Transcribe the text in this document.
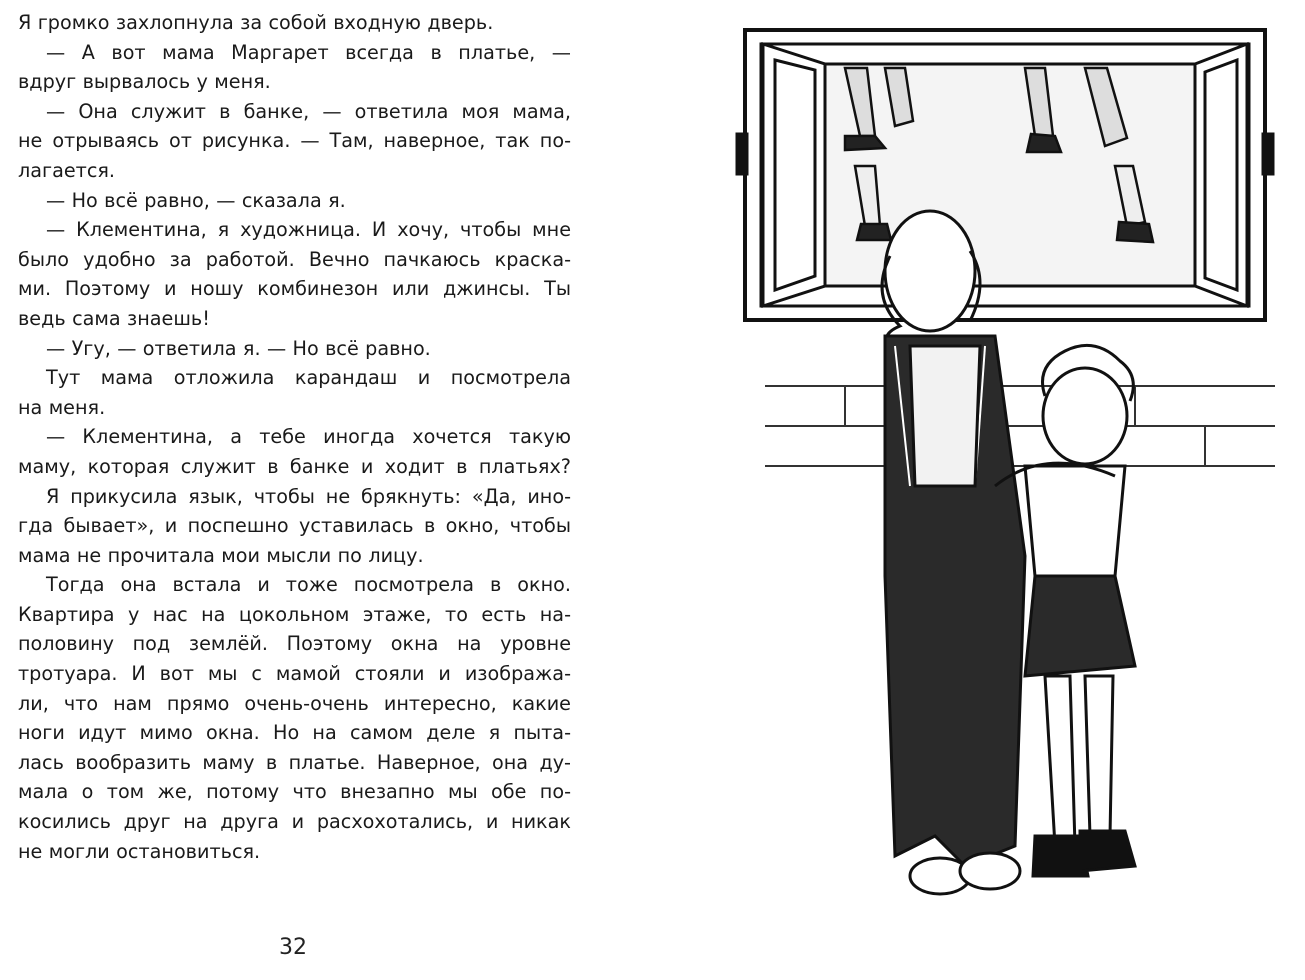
Я громко захлопнула за собой входную дверь.
— А вот мама Маргарет всегда в платье, —
вдруг вырвалось у меня.
— Она служит в банке, — ответила моя мама,
не отрываясь от рисунка. — Там, наверное, так по-
лагается.
— Но всё равно, — сказала я.
— Клементина, я художница. И хочу, чтобы мне
было удобно за работой. Вечно пачкаюсь краска-
ми. Поэтому и ношу комбинезон или джинсы. Ты
ведь сама знаешь!
— Угу, — ответила я. — Но всё равно.
Тут мама отложила карандаш и посмотрела
на меня.
— Клементина, а тебе иногда хочется такую
маму, которая служит в банке и ходит в платьях?
Я прикусила язык, чтобы не брякнуть: «Да, ино-
гда бывает», и поспешно уставилась в окно, чтобы
мама не прочитала мои мысли по лицу.
Тогда она встала и тоже посмотрела в окно.
Квартира у нас на цокольном этаже, то есть на-
половину под землёй. Поэтому окна на уровне
тротуара. И вот мы с мамой стояли и изобража-
ли, что нам прямо очень-очень интересно, какие
ноги идут мимо окна. Но на самом деле я пыта-
лась вообразить маму в платье. Наверное, она ду-
мала о том же, потому что внезапно мы обе по-
косились друг на друга и расхохотались, и никак
не могли остановиться.
32
